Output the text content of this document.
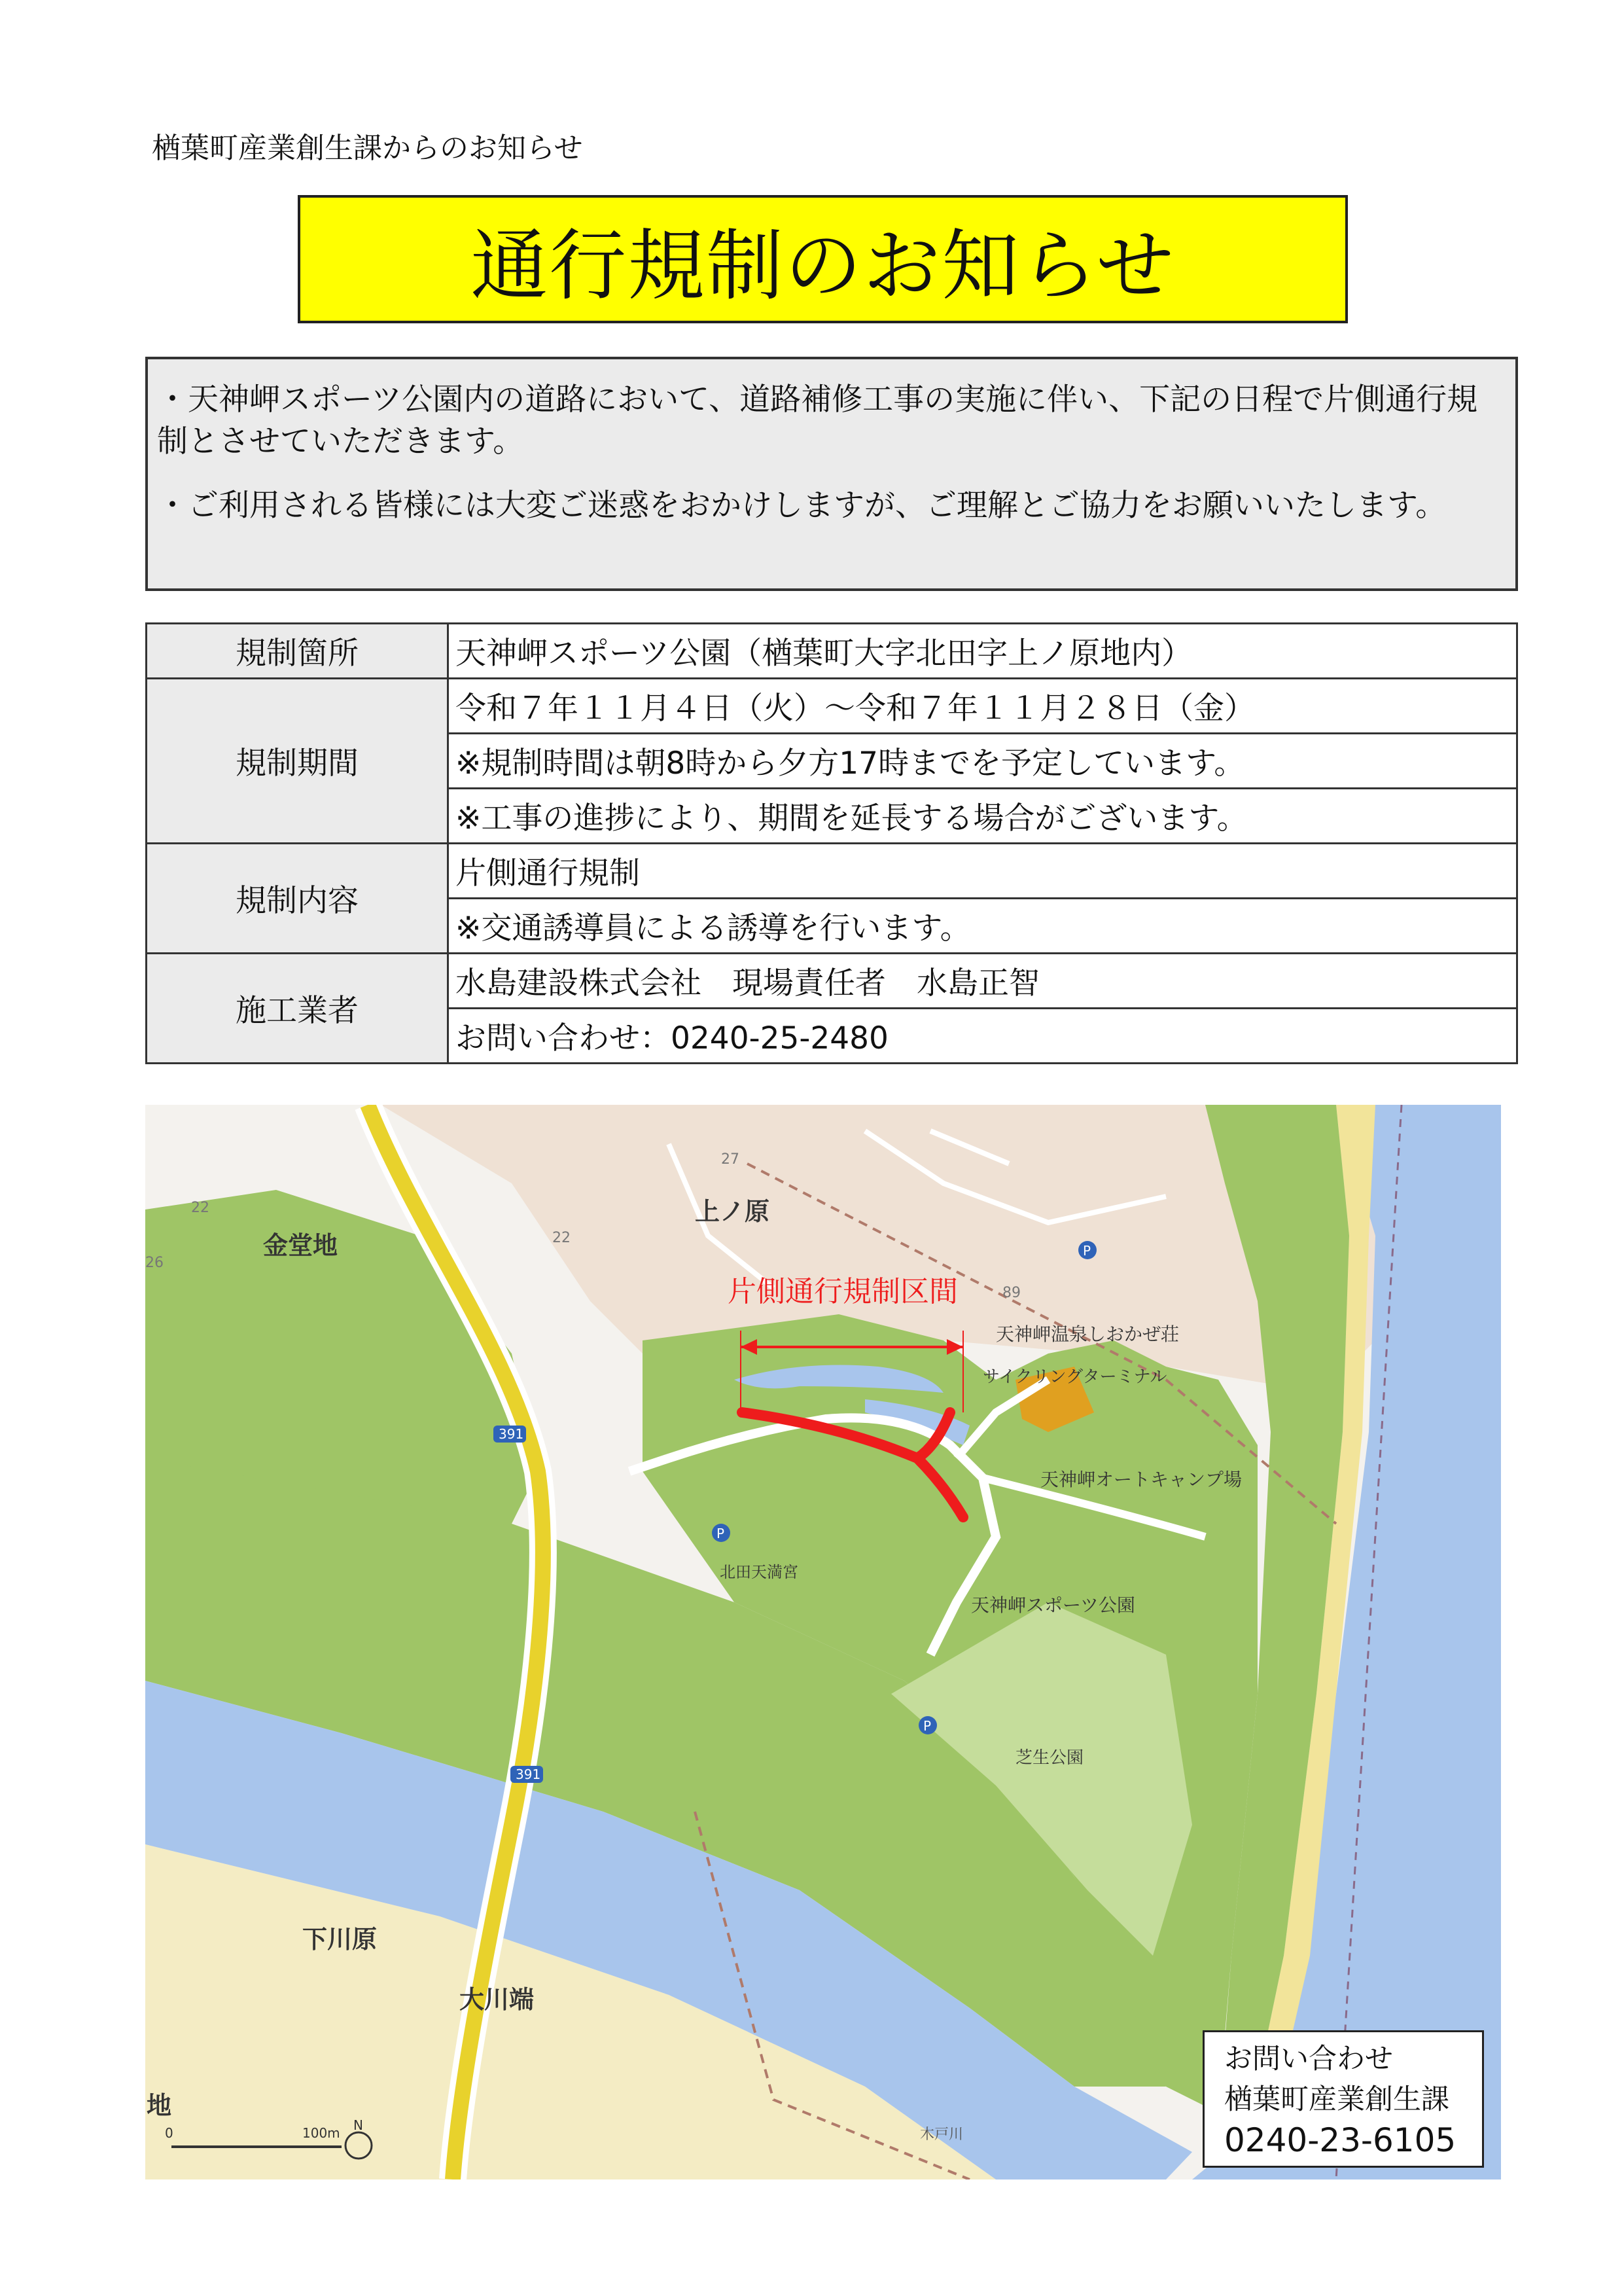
楢葉町産業創生課からのお知らせ
通行規制のお知らせ

・天神岬スポーツ公園内の道路において、道路補修工事の実施に伴い、下記の日程で片側通行規制とさせていただきます。

・ご利用される皆様には大変ご迷惑をおかけしますが、ご理解とご協力をお願いいたします。

規制箇所	天神岬スポーツ公園（楢葉町大字北田字上ノ原地内）
規制期間	令和７年１１月４日（火）～令和７年１１月２８日（金）
	※規制時間は朝8時から夕方17時までを予定しています。
	※工事の進捗により、期間を延長する場合がございます。
規制内容	片側通行規制
	※交通誘導員による誘導を行います。
施工業者	水島建設株式会社　現場責任者　水島正智
	お問い合わせ：0240-25-2480
片側通行規制区間
上ノ原
金堂地
下川原
大川端
地
天神岬温泉しおかぜ荘
サイクリングターミナル
天神岬オートキャンプ場
北田天満宮
天神岬スポーツ公園
芝生公園
木戸川
391
391
P
P
P
27
22
22
26
89
0	100m N
お問い合わせ
楢葉町産業創生課
0240-23-6105
